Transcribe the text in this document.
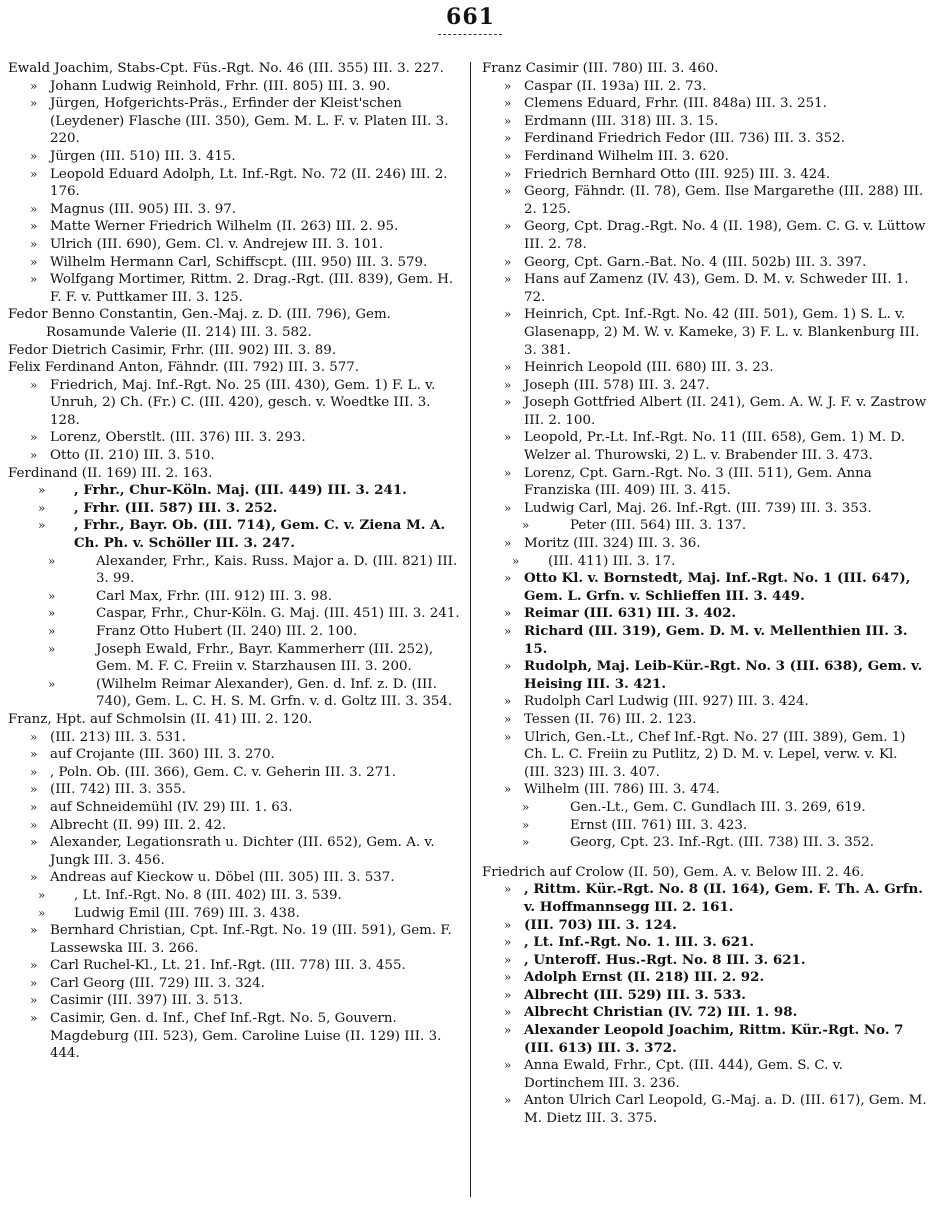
661
Ewald Joachim, Stabs-Cpt. Füs.-Rgt. No. 46 (III. 355) III. 3. 227.
» Johann Ludwig Reinhold, Frhr. (III. 805) III. 3. 90.
» Jürgen, Hofgerichts-Präs., Erfinder der Kleist'schen (Leydener) Flasche (III. 350), Gem. M. L. F. v. Platen III. 3. 220.
» Jürgen (III. 510) III. 3. 415.
» Leopold Eduard Adolph, Lt. Inf.-Rgt. No. 72 (II. 246) III. 2. 176.
» Magnus (III. 905) III. 3. 97.
» Matte Werner Friedrich Wilhelm (II. 263) III. 2. 95.
» Ulrich (III. 690), Gem. Cl. v. Andrejew III. 3. 101.
» Wilhelm Hermann Carl, Schiffscpt. (III. 950) III. 3. 579.
» Wolfgang Mortimer, Rittm. 2. Drag.-Rgt. (III. 839), Gem. H. F. F. v. Puttkamer III. 3. 125.
Fedor Benno Constantin, Gen.-Maj. z. D. (III. 796), Gem. Rosamunde Valerie (II. 214) III. 3. 582.
Fedor Dietrich Casimir, Frhr. (III. 902) III. 3. 89.
Felix Ferdinand Anton, Fähndr. (III. 792) III. 3. 577.
» Friedrich, Maj. Inf.-Rgt. No. 25 (III. 430), Gem. 1) F. L. v. Unruh, 2) Ch. (Fr.) C. (III. 420), gesch. v. Woedtke III. 3. 128.
» Lorenz, Oberstlt. (III. 376) III. 3. 293.
» Otto (II. 210) III. 3. 510.
Ferdinand (II. 169) III. 2. 163.
»	, Frhr., Chur-Köln. Maj. (III. 449) III. 3. 241.
»	, Frhr. (III. 587) III. 3. 252.
»	, Frhr., Bayr. Ob. (III. 714), Gem. C. v. Ziena M. A. Ch. Ph. v. Schöller III. 3. 247.
»	Alexander, Frhr., Kais. Russ. Major a. D. (III. 821) III. 3. 99.
»	Carl Max, Frhr. (III. 912) III. 3. 98.
»	Caspar, Frhr., Chur-Köln. G. Maj. (III. 451) III. 3. 241.
»	Franz Otto Hubert (II. 240) III. 2. 100.
»	Joseph Ewald, Frhr., Bayr. Kammerherr (III. 252), Gem. M. F. C. Freiin v. Starzhausen III. 3. 200.
»	(Wilhelm Reimar Alexander), Gen. d. Inf. z. D. (III. 740), Gem. L. C. H. S. M. Grfn. v. d. Goltz III. 3. 354.
Franz, Hpt. auf Schmolsin (II. 41) III. 2. 120.
» (III. 213) III. 3. 531.
» auf Crojante (III. 360) III. 3. 270.
» , Poln. Ob. (III. 366), Gem. C. v. Geherin III. 3. 271.
» (III. 742) III. 3. 355.
» auf Schneidemühl (IV. 29) III. 1. 63.
» Albrecht (II. 99) III. 2. 42.
» Alexander, Legationsrath u. Dichter (III. 652), Gem. A. v. Jungk III. 3. 456.
» Andreas auf Kieckow u. Döbel (III. 305) III. 3. 537.
»	, Lt. Inf.-Rgt. No. 8 (III. 402) III. 3. 539.
»	Ludwig Emil (III. 769) III. 3. 438.
» Bernhard Christian, Cpt. Inf.-Rgt. No. 19 (III. 591), Gem. F. Lassewska III. 3. 266.
» Carl Ruchel-Kl., Lt. 21. Inf.-Rgt. (III. 778) III. 3. 455.
» Carl Georg (III. 729) III. 3. 324.
» Casimir (III. 397) III. 3. 513.
» Casimir, Gen. d. Inf., Chef Inf.-Rgt. No. 5, Gouvern. Magdeburg (III. 523), Gem. Caroline Luise (II. 129) III. 3. 444.
Franz Casimir (III. 780) III. 3. 460.
» Caspar (II. 193a) III. 2. 73.
» Clemens Eduard, Frhr. (III. 848a) III. 3. 251.
» Erdmann (III. 318) III. 3. 15.
» Ferdinand Friedrich Fedor (III. 736) III. 3. 352.
» Ferdinand Wilhelm III. 3. 620.
» Friedrich Bernhard Otto (III. 925) III. 3. 424.
» Georg, Fähndr. (II. 78), Gem. Ilse Margarethe (III. 288) III. 2. 125.
» Georg, Cpt. Drag.-Rgt. No. 4 (II. 198), Gem. C. G. v. Lüttow III. 2. 78.
» Georg, Cpt. Garn.-Bat. No. 4 (III. 502b) III. 3. 397.
» Hans auf Zamenz (IV. 43), Gem. D. M. v. Schweder III. 1. 72.
» Heinrich, Cpt. Inf.-Rgt. No. 42 (III. 501), Gem. 1) S. L. v. Glasenapp, 2) M. W. v. Kameke, 3) F. L. v. Blankenburg III. 3. 381.
» Heinrich Leopold (III. 680) III. 3. 23.
» Joseph (III. 578) III. 3. 247.
» Joseph Gottfried Albert (II. 241), Gem. A. W. J. F. v. Zastrow III. 2. 100.
» Leopold, Pr.-Lt. Inf.-Rgt. No. 11 (III. 658), Gem. 1) M. D. Welzer al. Thurowski, 2) L. v. Brabender III. 3. 473.
» Lorenz, Cpt. Garn.-Rgt. No. 3 (III. 511), Gem. Anna Franziska (III. 409) III. 3. 415.
» Ludwig Carl, Maj. 26. Inf.-Rgt. (III. 739) III. 3. 353.
»	Peter (III. 564) III. 3. 137.
» Moritz (III. 324) III. 3. 36.
»	(III. 411) III. 3. 17.
» Otto Kl. v. Bornstedt, Maj. Inf.-Rgt. No. 1 (III. 647), Gem. L. Grfn. v. Schlieffen III. 3. 449.
» Reimar (III. 631) III. 3. 402.
» Richard (III. 319), Gem. D. M. v. Mellenthien III. 3. 15.
» Rudolph, Maj. Leib-Kür.-Rgt. No. 3 (III. 638), Gem. v. Heising III. 3. 421.
» Rudolph Carl Ludwig (III. 927) III. 3. 424.
» Tessen (II. 76) III. 2. 123.
» Ulrich, Gen.-Lt., Chef Inf.-Rgt. No. 27 (III. 389), Gem. 1) Ch. L. C. Freiin zu Putlitz, 2) D. M. v. Lepel, verw. v. Kl. (III. 323) III. 3. 407.
» Wilhelm (III. 786) III. 3. 474.
»	Gen.-Lt., Gem. C. Gundlach III. 3. 269, 619.
»	Ernst (III. 761) III. 3. 423.
»	Georg, Cpt. 23. Inf.-Rgt. (III. 738) III. 3. 352.
Friedrich auf Crolow (II. 50), Gem. A. v. Below III. 2. 46.
» , Rittm. Kür.-Rgt. No. 8 (II. 164), Gem. F. Th. A. Grfn. v. Hoffmannsegg III. 2. 161.
» (III. 703) III. 3. 124.
» , Lt. Inf.-Rgt. No. 1. III. 3. 621.
» , Unteroff. Hus.-Rgt. No. 8 III. 3. 621.
» Adolph Ernst (II. 218) III. 2. 92.
» Albrecht (III. 529) III. 3. 533.
» Albrecht Christian (IV. 72) III. 1. 98.
» Alexander Leopold Joachim, Rittm. Kür.-Rgt. No. 7 (III. 613) III. 3. 372.
» Anna Ewald, Frhr., Cpt. (III. 444), Gem. S. C. v. Dortinchem III. 3. 236.
» Anton Ulrich Carl Leopold, G.-Maj. a. D. (III. 617), Gem. M. M. Dietz III. 3. 375.
